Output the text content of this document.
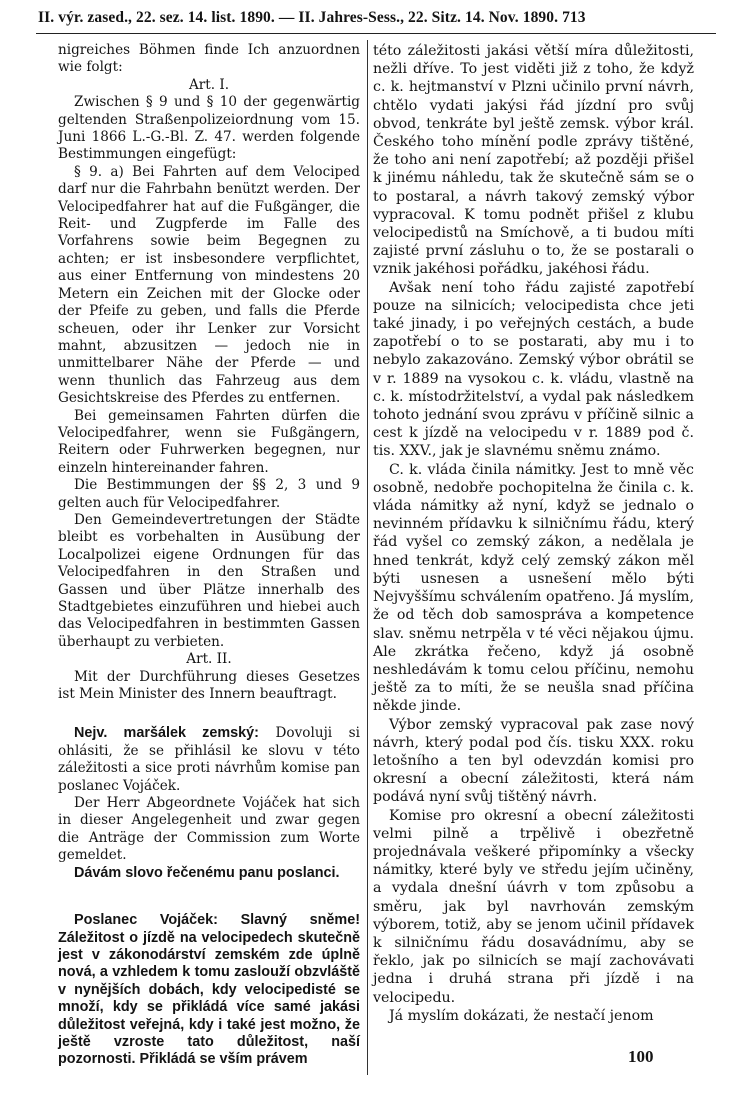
II. výr. zased., 22. sez. 14. list. 1890. — II. Jahres-Sess., 22. Sitz. 14. Nov. 1890. 713

nigreiches Böhmen finde Ich anzuordnen wie folgt:

Art. I.

Zwischen § 9 und § 10 der gegenwärtig geltenden Straßenpolizeiordnung vom 15. Juni 1866 L.-G.-Bl. Z. 47. werden folgende Bestimmungen eingefügt:

§ 9. a) Bei Fahrten auf dem Velociped darf nur die Fahrbahn benützt werden. Der Velocipedfahrer hat auf die Fußgänger, die Reit- und Zugpferde im Falle des Vorfahrens sowie beim Begegnen zu achten; er ist insbesondere verpflichtet, aus einer Entfernung von mindestens 20 Metern ein Zeichen mit der Glocke oder der Pfeife zu geben, und falls die Pferde scheuen, oder ihr Lenker zur Vorsicht mahnt, abzusitzen — jedoch nie in unmittelbarer Nähe der Pferde — und wenn thunlich das Fahrzeug aus dem Gesichtskreise des Pferdes zu entfernen.

Bei gemeinsamen Fahrten dürfen die Velocipedfahrer, wenn sie Fußgängern, Reitern oder Fuhrwerken begegnen, nur einzeln hintereinander fahren.

Die Bestimmungen der §§ 2, 3 und 9 gelten auch für Velocipedfahrer.

Den Gemeindevertretungen der Städte bleibt es vorbehalten in Ausübung der Localpolizei eigene Ordnungen für das Velocipedfahren in den Straßen und Gassen und über Plätze innerhalb des Stadtgebietes einzuführen und hiebei auch das Velocipedfahren in bestimmten Gassen überhaupt zu verbieten.

Art. II.

Mit der Durchführung dieses Gesetzes ist Mein Minister des Innern beauftragt.

Nejv. maršálek zemský: Dovoluji si ohlásiti, že se přihlásil ke slovu v této záležitosti a sice proti návrhům komise pan poslanec Vojáček.

Der Herr Abgeordnete Vojáček hat sich in dieser Angelegenheit und zwar gegen die Anträge der Commission zum Worte gemeldet.

Dávám slovo řečenému panu poslanci.

Poslanec Vojáček: Slavný sněme! Záležitost o jízdě na velocipedech skutečně jest v zákonodárství zemském zde úplně nová, a vzhledem k tomu zaslouží obzvláště v nynějších dobách, kdy velocipedisté se množí, kdy se přikládá více samé jakási důležitost veřejná, kdy i také jest možno, že ještě vzroste tato důležitost, naší pozornosti. Přikládá se vším právem

této záležitosti jakási větší míra důležitosti, nežli dříve. To jest viděti již z toho, že když c. k. hejtmanství v Plzni učinilo první návrh, chtělo vydati jakýsi řád jízdní pro svůj obvod, tenkráte byl ještě zemsk. výbor král. Českého toho mínění podle zprávy tištěné, že toho ani není zapotřebí; až později přišel k jinému náhledu, tak že skutečně sám se o to postaral, a návrh takový zemský výbor vypracoval. K tomu podnět přišel z klubu velocipedistů na Smíchově, a ti budou míti zajisté první zásluhu o to, že se postarali o vznik jakéhosi pořádku, jakéhosi řádu.

Avšak není toho řádu zajisté zapotřebí pouze na silnicích; velocipedista chce jeti také jinady, i po veřejných cestách, a bude zapotřebí o to se postarati, aby mu i to nebylo zakazováno. Zemský výbor obrátil se v r. 1889 na vysokou c. k. vládu, vlastně na c. k. místodržitelství, a vydal pak následkem tohoto jednání svou zprávu v příčině silnic a cest k jízdě na velocipedu v r. 1889 pod č. tis. XXV., jak je slavnému sněmu známo.

C. k. vláda činila námitky. Jest to mně věc osobně, nedobře pochopitelna že činila c. k. vláda námitky až nyní, když se jednalo o nevinném přídavku k silničnímu řádu, který řád vyšel co zemský zákon, a nedělala je hned tenkrát, když celý zemský zákon měl býti usnesen a usnešení mělo býti Nejvyššímu schválením opatřeno. Já myslím, že od těch dob samospráva a kompetence slav. sněmu netrpěla v té věci nějakou újmu. Ale zkrátka řečeno, když já osobně neshledávám k tomu celou příčinu, nemohu ještě za to míti, že se neušla snad příčina někde jinde.

Výbor zemský vypracoval pak zase nový návrh, který podal pod čís. tisku XXX. roku letošního a ten byl odevzdán komisi pro okresní a obecní záležitosti, která nám podává nyní svůj tištěný návrh.

Komise pro okresní a obecní záležitosti velmi pilně a trpělivě i obezřetně projednávala veškeré připomínky a všecky námitky, které byly ve středu jejím učiněny, a vydala dnešní úávrh v tom způsobu a směru, jak byl navrhován zemským výborem, totiž, aby se jenom učinil přídavek k silničnímu řádu dosavádnímu, aby se řeklo, jak po silnicích se mají zachovávati jedna i druhá strana při jízdě i na velocipedu.

Já myslím dokázati, že nestačí jenom

100
